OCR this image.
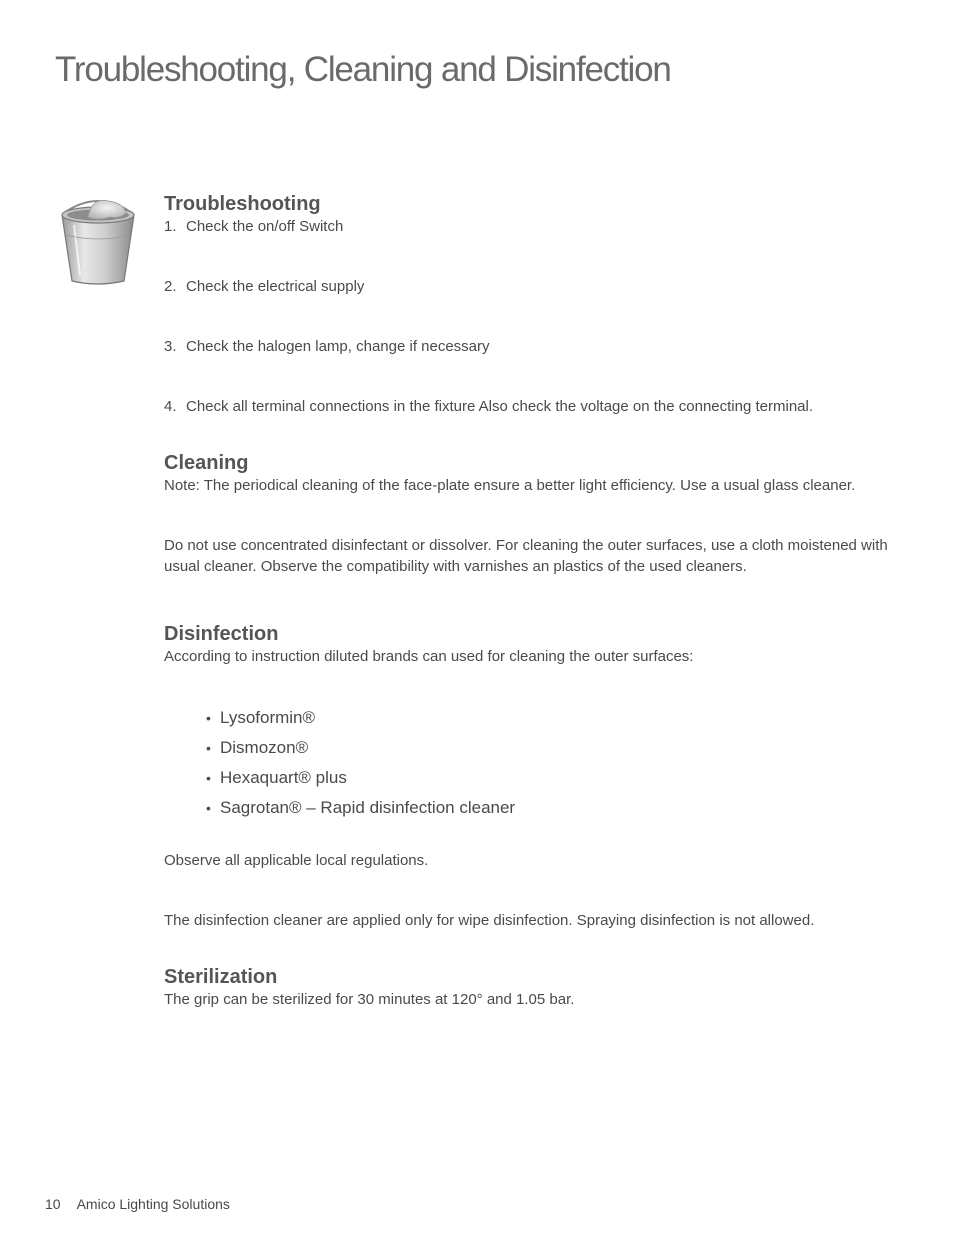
Troubleshooting, Cleaning and Disinfection
Troubleshooting
1. Check the on/off Switch
2. Check the electrical supply
3. Check the halogen lamp, change if necessary
4. Check all terminal connections in the fixture Also check the voltage on the connecting terminal.
Cleaning

Note: The periodical cleaning of the face-plate ensure a better light efficiency. Use a usual glass cleaner.

Do not use concentrated disinfectant or dissolver. For cleaning the outer surfaces, use a cloth moistened with usual cleaner. Observe the compatibility with varnishes an plastics of the used cleaners.

Disinfection

According to instruction diluted brands can used for cleaning the outer surfaces:

• Lysoformin®
• Dismozon®
• Hexaquart® plus
• Sagrotan® – Rapid disinfection cleaner

Observe all applicable local regulations.

The disinfection cleaner are applied only for wipe disinfection. Spraying disinfection is not allowed.

Sterilization

The grip can be sterilized for 30 minutes at 120° and 1.05 bar.

10 Amico Lighting Solutions
